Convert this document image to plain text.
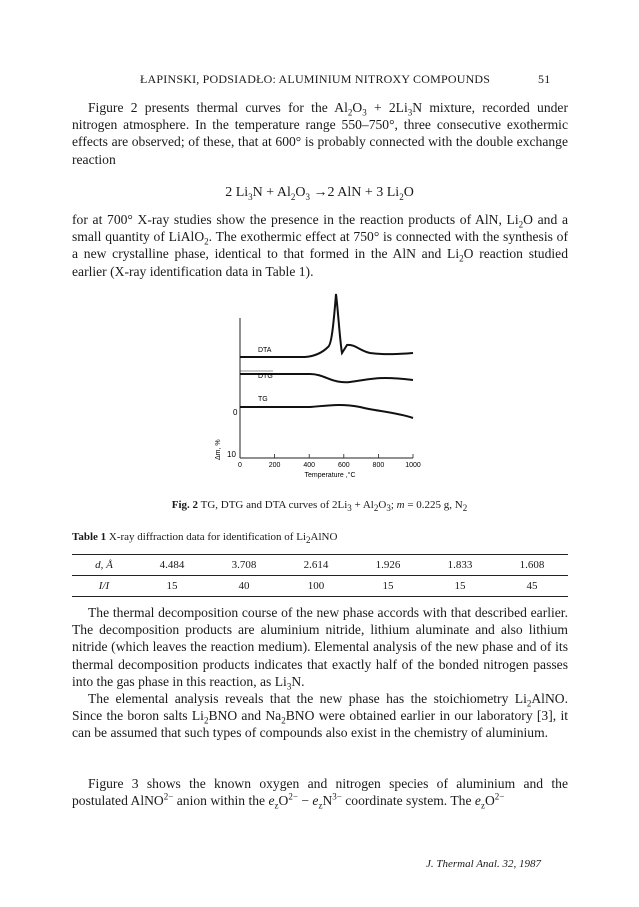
ŁAPINSKI, PODSIADŁO: ALUMINIUM NITROXY COMPOUNDS	51

Figure 2 presents thermal curves for the $Al_2O_3 + 2Li_3N$ mixture, recorded under nitrogen atmosphere. In the temperature range 550–750°, three consecutive exothermic effects are observed; of these, that at 600° is probably connected with the double exchange reaction

2 $Li_3N + Al_2O_3 \to 2$ AlN + 3 $Li_2O$

for at 700° X-ray studies show the presence in the reaction products of AlN, $Li_2O$ and a small quantity of LiAlO$_2$. The exothermic effect at 750° is connected with the synthesis of a new crystalline phase, identical to that formed in the AlN and $Li_2O$ reaction studied earlier (X-ray identification data in Table 1).

DTA
DTG
TG
0
10
Δm, %
0	200	400	600	800	1000
Temperature ,°C
Fig. 2 TG, DTG and DTA curves of $2Li_3 + Al_2O_3$; m = 0.225 g, $N_2$
Table 1 X-ray diffraction data for identification of $Li_2AlNO$
d, Å	4.484	3.708	2.614	1.926	1.833	1.608
I/I	15	40	100	15	15	45

The thermal decomposition course of the new phase accords with that described earlier. The decomposition products are aluminium nitride, lithium aluminate and also lithium nitride (which leaves the reaction medium). Elemental analysis of the new phase and of its thermal decomposition products indicates that exactly half of the bonded nitrogen passes into the gas phase in this reaction, as $Li_3N$.

The elemental analysis reveals that the new phase has the stoichiometry $Li_2AlNO$. Since the boron salts $Li_2BNO$ and $Na_2BNO$ were obtained earlier in our laboratory [3], it can be assumed that such types of compounds also exist in the chemistry of aluminium.

Figure 3 shows the known oxygen and nitrogen species of aluminium and the postulated AlNO$^{2-}$ anion within the $e_zO^{2-} - e_zN^{3-}$ coordinate system. The $e_zO^{2-}$

J. Thermal Anal. 32, 1987
